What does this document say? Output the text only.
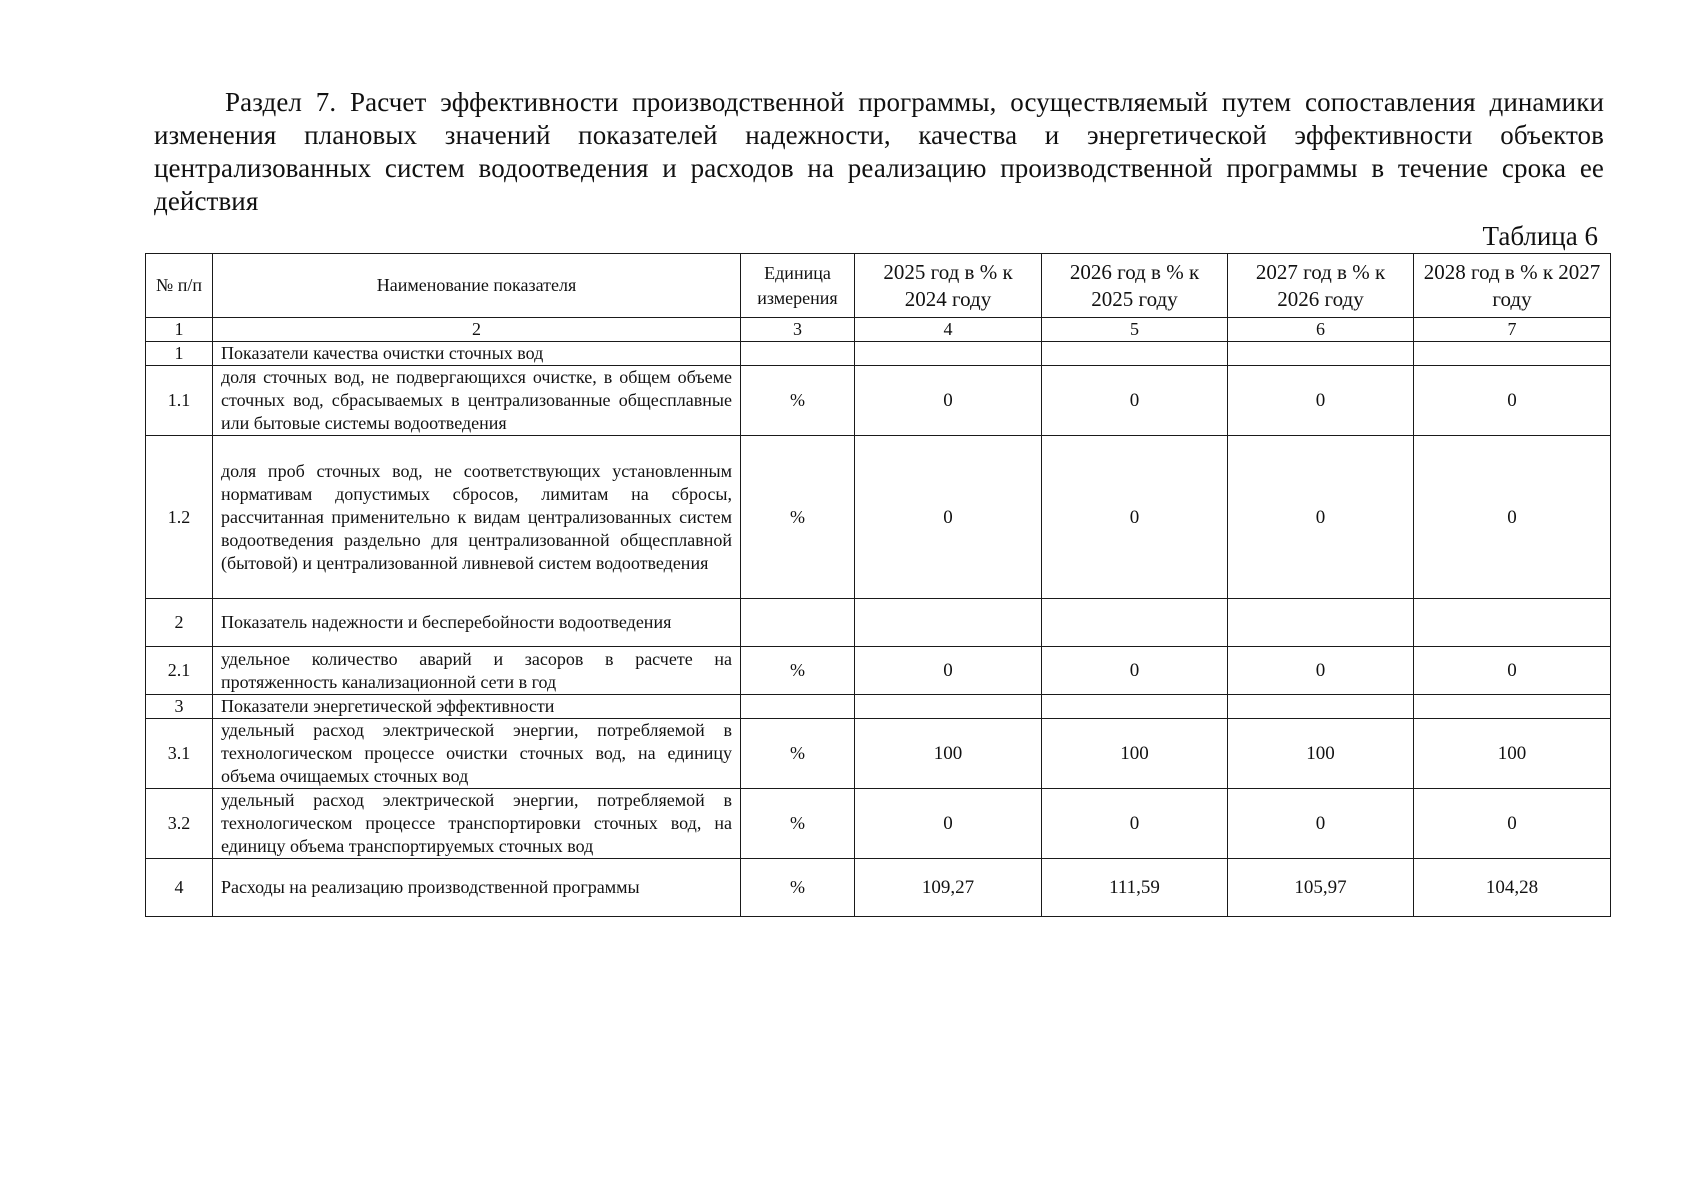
Раздел 7. Расчет эффективности производственной программы, осуществляемый путем сопоставления динамики изменения плановых значений показателей надежности, качества и энергетической эффективности объектов централизованных систем водоотведения и расходов на реализацию производственной программы в течение срока ее действия
Таблица 6
№ п/п	Наименование показателя	Единица измерения	2025 год в % к 2024 году	2026 год в % к 2025 году	2027 год в % к 2026 году	2028 год в % к 2027 году
1	2	3	4	5	6	7
1	Показатели качества очистки сточных вод					
1.1	доля сточных вод, не подвергающихся очистке, в общем объеме сточных вод, сбрасываемых в централизованные общесплавные или бытовые системы водоотведения	%	0	0	0	0
1.2	доля проб сточных вод, не соответствующих установленным нормативам допустимых сбросов, лимитам на сбросы, рассчитанная применительно к видам централизованных систем водоотведения раздельно для централизованной общесплавной (бытовой) и централизованной ливневой систем водоотведения	%	0	0	0	0
2	Показатель надежности и бесперебойности водоотведения					
2.1	удельное количество аварий и засоров в расчете на протяженность канализационной сети в год	%	0	0	0	0
3	Показатели энергетической эффективности					
3.1	удельный расход электрической энергии, потребляемой в технологическом процессе очистки сточных вод, на единицу объема очищаемых сточных вод	%	100	100	100	100
3.2	удельный расход электрической энергии, потребляемой в технологическом процессе транспортировки сточных вод, на единицу объема транспортируемых сточных вод	%	0	0	0	0
4	Расходы на реализацию производственной программы	%	109,27	111,59	105,97	104,28
